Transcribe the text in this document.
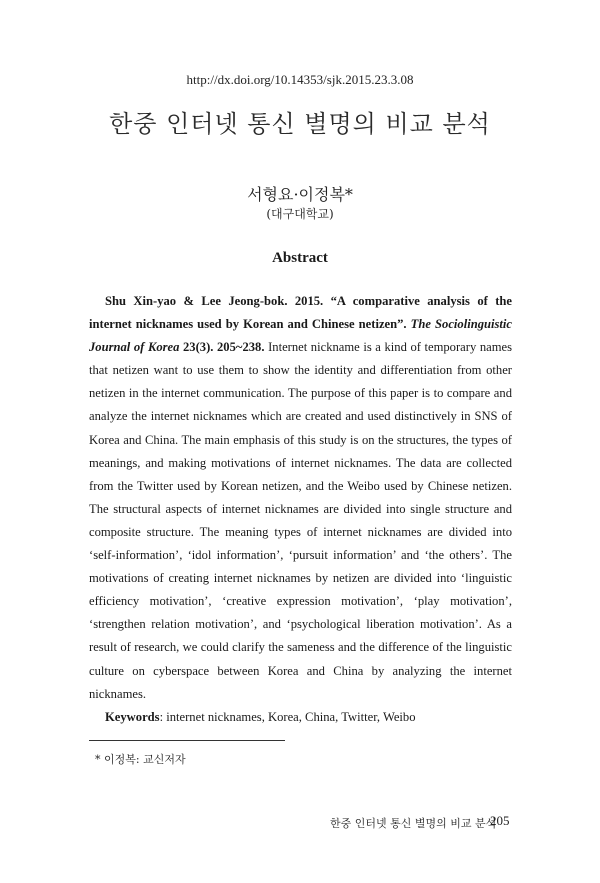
http://dx.doi.org/10.14353/sjk.2015.23.3.08
한중 인터넷 통신 별명의 비교 분석
서형요·이정복*
(대구대학교)
Abstract

Shu Xin-yao & Lee Jeong-bok. 2015. “A comparative analysis of the internet nicknames used by Korean and Chinese netizen”. The Sociolinguistic Journal of Korea 23(3). 205~238. Internet nickname is a kind of temporary names that netizen want to use them to show the identity and differentiation from other netizen in the internet communication. The purpose of this paper is to compare and analyze the internet nicknames which are created and used distinctively in SNS of Korea and China. The main emphasis of this study is on the structures, the types of meanings, and making motivations of internet nicknames. The data are collected from the Twitter used by Korean netizen, and the Weibo used by Chinese netizen. The structural aspects of internet nicknames are divided into single structure and composite structure. The meaning types of internet nicknames are divided into ‘self-information’, ‘idol information’, ‘pursuit information’ and ‘the others’. The motivations of creating internet nicknames by netizen are divided into ‘linguistic efficiency motivation’, ‘creative expression motivation’, ‘play motivation’, ‘strengthen relation motivation’, and ‘psychological liberation motivation’. As a result of research, we could clarify the sameness and the difference of the linguistic culture on cyberspace between Korea and China by analyzing the internet nicknames.

Keywords: internet nicknames, Korea, China, Twitter, Weibo

* 이정복: 교신저자
한중 인터넷 통신 별명의 비교 분석
205
